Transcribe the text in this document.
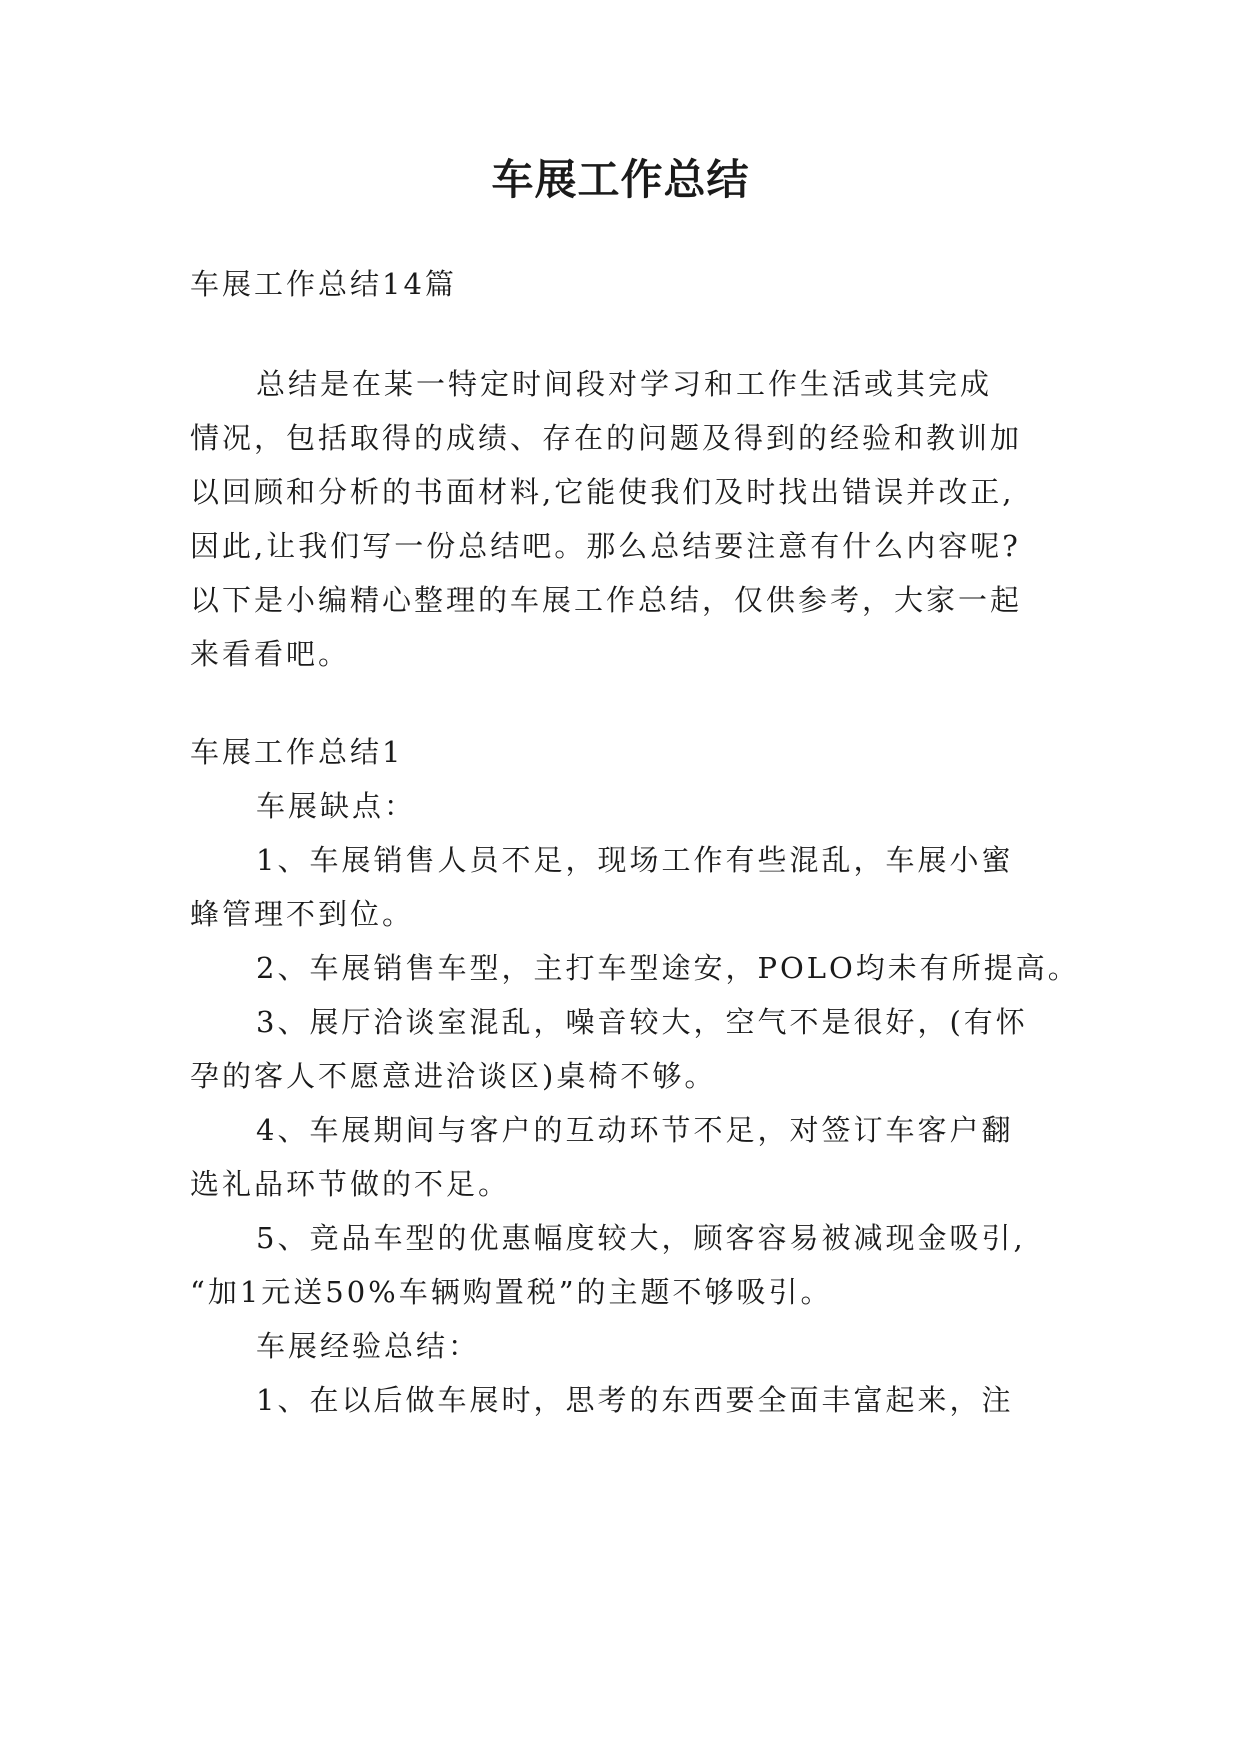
车展工作总结

车展工作总结14篇

总结是在某一特定时间段对学习和工作生活或其完成

情况，包括取得的成绩、存在的问题及得到的经验和教训加

以回顾和分析的书面材料,它能使我们及时找出错误并改正,

因此,让我们写一份总结吧。那么总结要注意有什么内容呢?

以下是小编精心整理的车展工作总结，仅供参考，大家一起

来看看吧。

车展工作总结1

车展缺点：

1、车展销售人员不足，现场工作有些混乱，车展小蜜

蜂管理不到位。

2、车展销售车型，主打车型途安，POLO均未有所提高。

3、展厅洽谈室混乱，噪音较大，空气不是很好，(有怀

孕的客人不愿意进洽谈区)桌椅不够。

4、车展期间与客户的互动环节不足，对签订车客户翻

选礼品环节做的不足。

5、竞品车型的优惠幅度较大，顾客容易被减现金吸引,

“加1元送50%车辆购置税”的主题不够吸引。

车展经验总结：

1、在以后做车展时，思考的东西要全面丰富起来，注
